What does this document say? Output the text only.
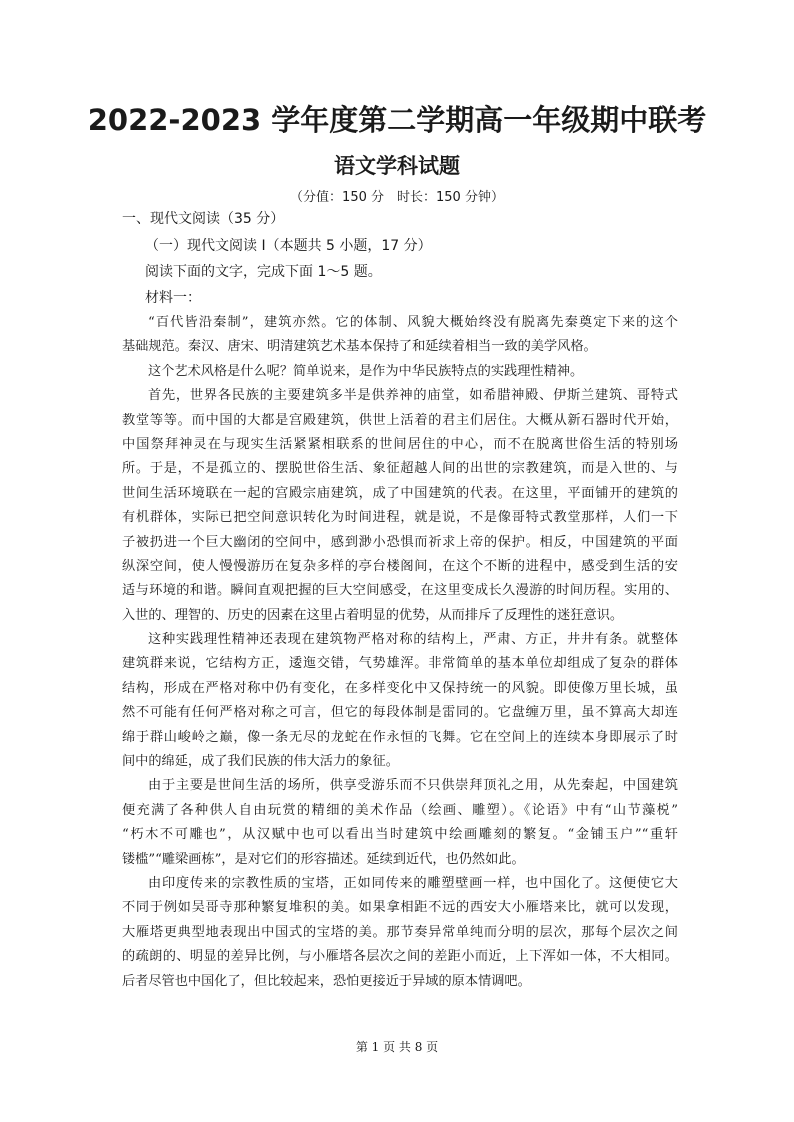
2022-2023 学年度第二学期高一年级期中联考
语文学科试题
（分值：150 分　时长：150 分钟）
一、现代文阅读（35 分）
（一）现代文阅读 I（本题共 5 小题，17 分）
阅读下面的文字，完成下面 1～5 题。
材料一：
“百代皆沿秦制”，建筑亦然。它的体制、风貌大概始终没有脱离先秦奠定下来的这个
基础规范。秦汉、唐宋、明清建筑艺术基本保持了和延续着相当一致的美学风格。
这个艺术风格是什么呢？简单说来，是作为中华民族特点的实践理性精神。
首先，世界各民族的主要建筑多半是供养神的庙堂，如希腊神殿、伊斯兰建筑、哥特式
教堂等等。而中国的大都是宫殿建筑，供世上活着的君主们居住。大概从新石器时代开始，
中国祭拜神灵在与现实生活紧紧相联系的世间居住的中心，而不在脱离世俗生活的特别场
所。于是，不是孤立的、摆脱世俗生活、象征超越人间的出世的宗教建筑，而是入世的、与
世间生活环境联在一起的宫殿宗庙建筑，成了中国建筑的代表。在这里，平面铺开的建筑的
有机群体，实际已把空间意识转化为时间进程，就是说，不是像哥特式教堂那样，人们一下
子被扔进一个巨大幽闭的空间中，感到渺小恐惧而祈求上帝的保护。相反，中国建筑的平面
纵深空间，使人慢慢游历在复杂多样的亭台楼阁间，在这个不断的进程中，感受到生活的安
适与环境的和谐。瞬间直观把握的巨大空间感受，在这里变成长久漫游的时间历程。实用的、
入世的、理智的、历史的因素在这里占着明显的优势，从而排斥了反理性的迷狂意识。
这种实践理性精神还表现在建筑物严格对称的结构上，严肃、方正，井井有条。就整体
建筑群来说，它结构方正，逶迤交错，气势雄浑。非常简单的基本单位却组成了复杂的群体
结构，形成在严格对称中仍有变化，在多样变化中又保持统一的风貌。即使像万里长城，虽
然不可能有任何严格对称之可言，但它的每段体制是雷同的。它盘缠万里，虽不算高大却连
绵于群山峻岭之巅，像一条无尽的龙蛇在作永恒的飞舞。它在空间上的连续本身即展示了时
间中的绵延，成了我们民族的伟大活力的象征。
由于主要是世间生活的场所，供享受游乐而不只供崇拜顶礼之用，从先秦起，中国建筑
便充满了各种供人自由玩赏的精细的美术作品（绘画、雕塑）。《论语》中有“山节藻棁”
“朽木不可雕也”，从汉赋中也可以看出当时建筑中绘画雕刻的繁复。“金铺玉户”“重轩
镂槛”“雕梁画栋”，是对它们的形容描述。延续到近代，也仍然如此。
由印度传来的宗教性质的宝塔，正如同传来的雕塑壁画一样，也中国化了。这便使它大
不同于例如吴哥寺那种繁复堆积的美。如果拿相距不远的西安大小雁塔来比，就可以发现，
大雁塔更典型地表现出中国式的宝塔的美。那节奏异常单纯而分明的层次，那每个层次之间
的疏朗的、明显的差异比例，与小雁塔各层次之间的差距小而近，上下浑如一体，不大相同。
后者尽管也中国化了，但比较起来，恐怕更接近于异域的原本情调吧。
第 1 页 共 8 页
